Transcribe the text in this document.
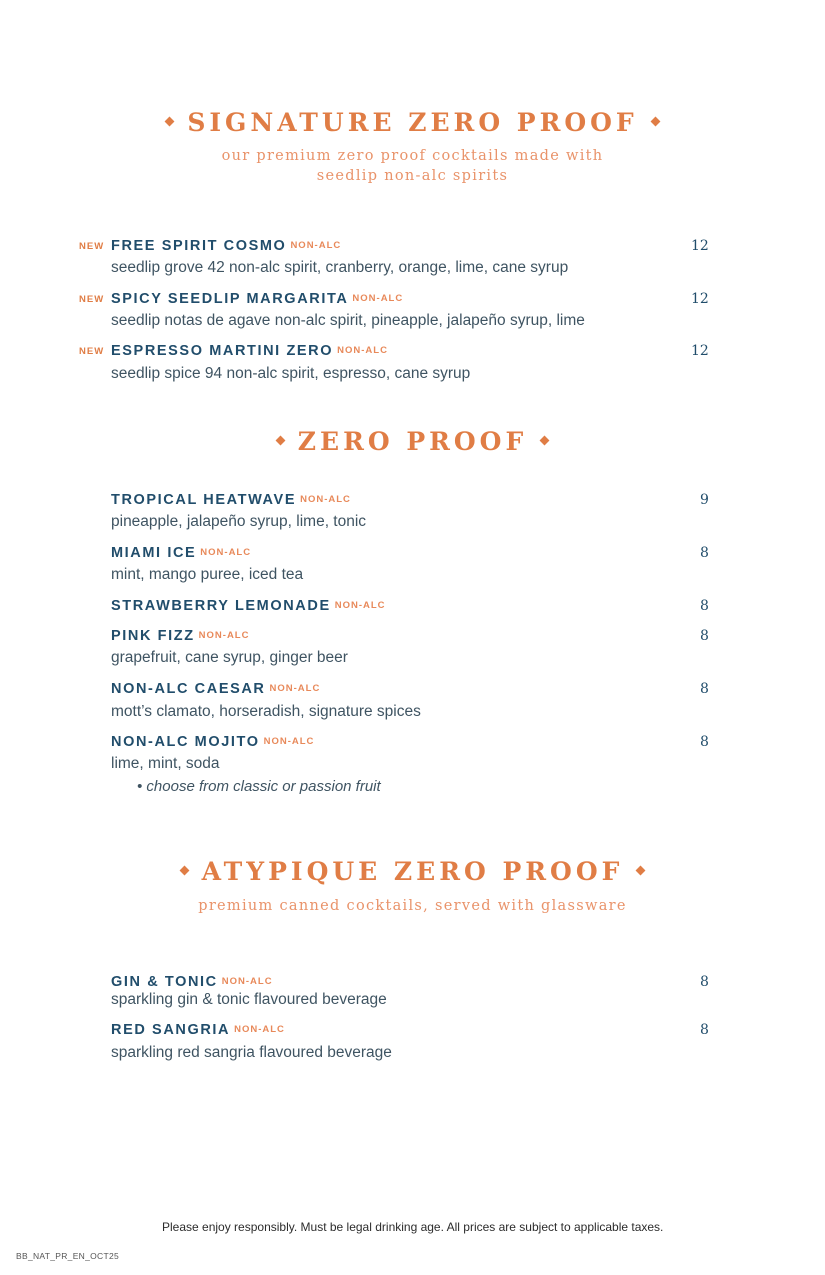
SIGNATURE ZERO PROOF
our premium zero proof cocktails made with
seedlip non-alc spirits
NEW FREE SPIRIT COSMO NON-ALC	12
seedlip grove 42 non-alc spirit, cranberry, orange, lime, cane syrup
NEW SPICY SEEDLIP MARGARITA NON-ALC	12
seedlip notas de agave non-alc spirit, pineapple, jalapeño syrup, lime
NEW ESPRESSO MARTINI ZERO NON-ALC	12
seedlip spice 94 non-alc spirit, espresso, cane syrup
ZERO PROOF
TROPICAL HEATWAVE NON-ALC	9
pineapple, jalapeño syrup, lime, tonic
MIAMI ICE NON-ALC	8
mint, mango puree, iced tea
STRAWBERRY LEMONADE NON-ALC	8
PINK FIZZ NON-ALC	8
grapefruit, cane syrup, ginger beer
NON-ALC CAESAR NON-ALC	8
mott’s clamato, horseradish, signature spices
NON-ALC MOJITO NON-ALC	8
lime, mint, soda
• choose from classic or passion fruit
ATYPIQUE ZERO PROOF
premium canned cocktails, served with glassware
GIN & TONIC NON-ALC	8
sparkling gin & tonic flavoured beverage
RED SANGRIA NON-ALC	8
sparkling red sangria flavoured beverage
Please enjoy responsibly. Must be legal drinking age. All prices are subject to applicable taxes.
BB_NAT_PR_EN_OCT25
